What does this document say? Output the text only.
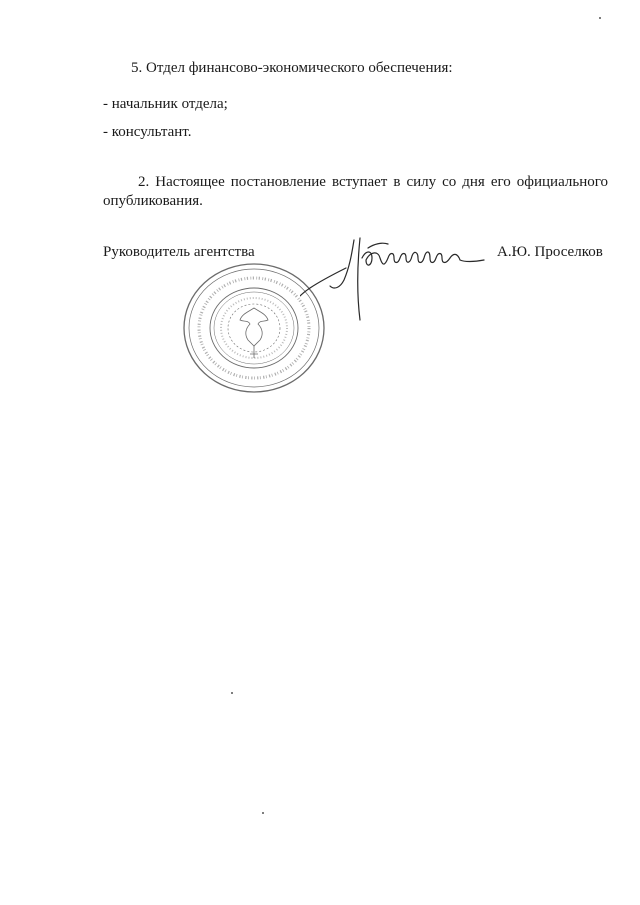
5. Отдел финансово-экономического обеспечения:
- начальник отдела;
- консультант.
2. Настоящее постановление вступает в силу со дня его официального
опубликования.
Руководитель агентства	А.Ю. Проселков
